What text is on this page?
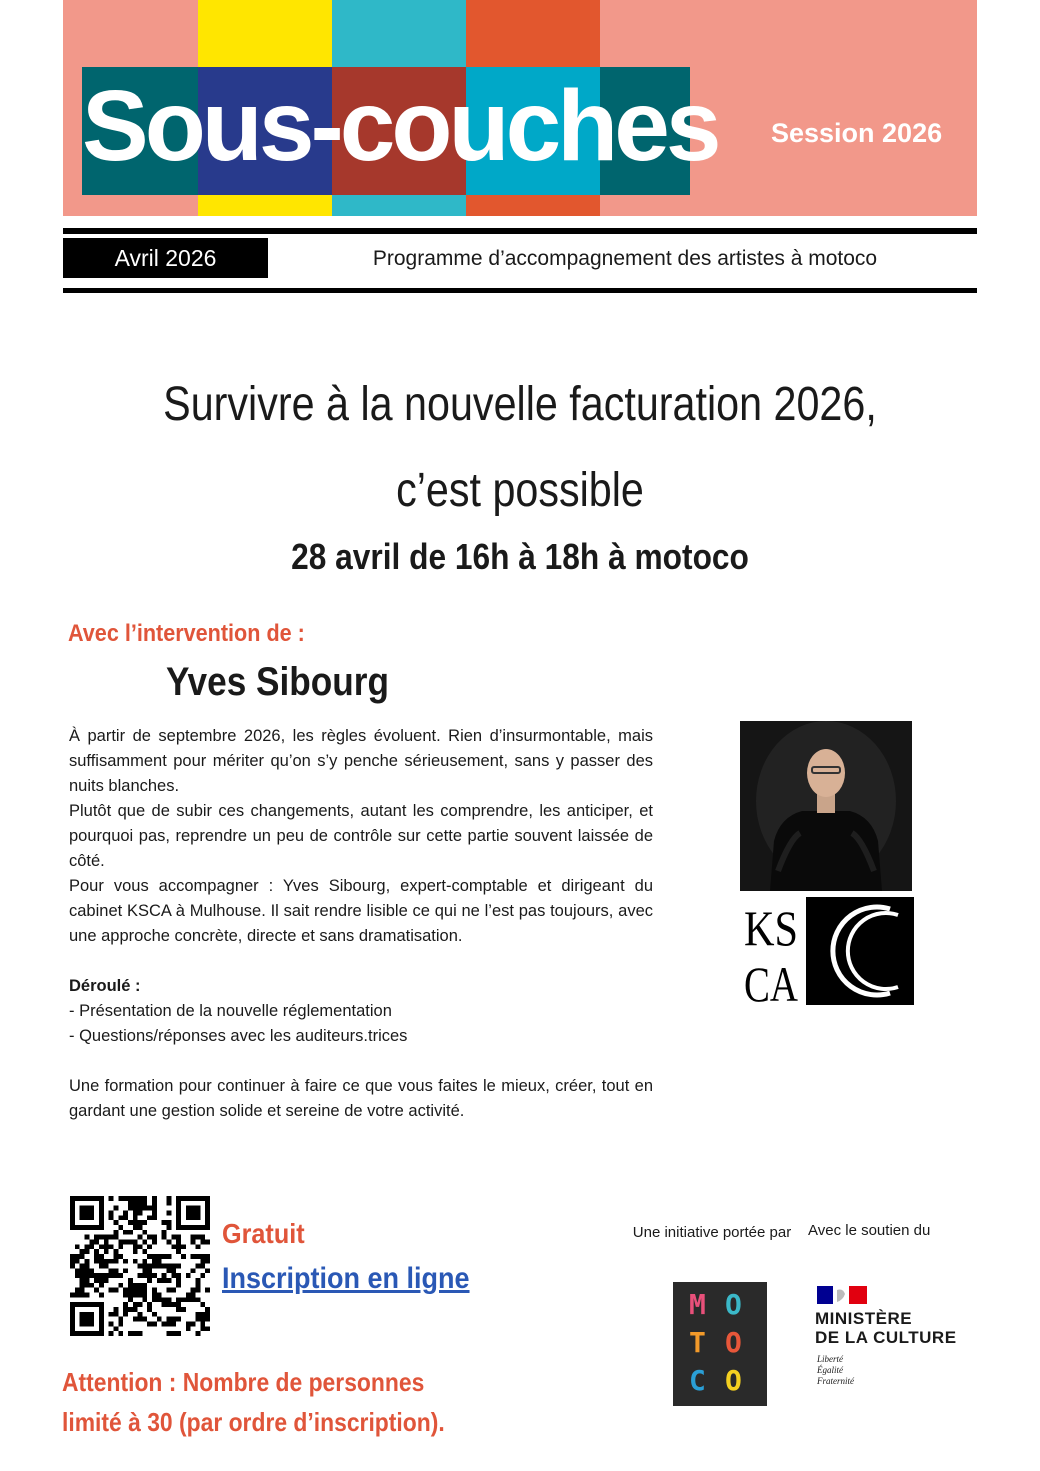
Sous-couches Session 2026
Avril 2026	Programme d’accompagnement des artistes à motoco
Survivre à la nouvelle facturation 2026,
c’est possible
28 avril de 16h à 18h à motoco
Avec l’intervention de :
Yves Sibourg

À partir de septembre 2026, les règles évoluent. Rien d’insurmontable, mais suffisamment pour mériter qu’on s’y penche sérieusement, sans y passer des nuits blanches.

Plutôt que de subir ces changements, autant les comprendre, les anticiper, et pourquoi pas, reprendre un peu de contrôle sur cette partie souvent laissée de côté.

Pour vous accompagner : Yves Sibourg, expert-comptable et dirigeant du cabinet KSCA à Mulhouse. Il sait rendre lisible ce qui ne l’est pas toujours, avec une approche concrète, directe et sans dramatisation.

Déroulé :

- Présentation de la nouvelle réglementation

- Questions/réponses avec les auditeurs.trices

Une formation pour continuer à faire ce que vous faites le mieux, créer, tout en gardant une gestion solide et sereine de votre activité.

KS
CA
Gratuit
Inscription en ligne
Attention : Nombre de personnes
limité à 30 (par ordre d’inscription).
Une initiative portée par	Avec le soutien du
M O
T O
C O
MINISTÈRE
DE LA CULTURE
Liberté
Égalité
Fraternité
